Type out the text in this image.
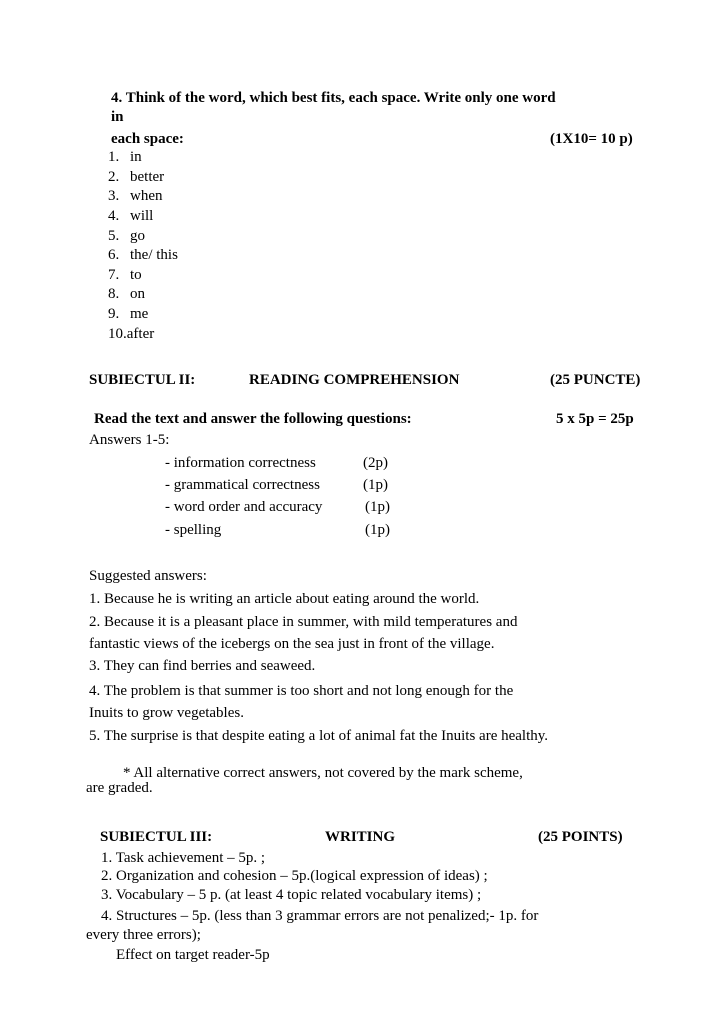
4. Think of the word, which best fits, each space. Write only one word
in
each space:	(1X10= 10 p)
1. in
2. better
3. when
4. will
5. go
6. the/ this
7. to
8. on
9. me
10.after
SUBIECTUL II:	READING COMPREHENSION	(25 PUNCTE)
Read the text and answer the following questions:	5 x 5p = 25p
Answers 1-5:
- information correctness	(2p)
- grammatical correctness	(1p)
- word order and accuracy	(1p)
- spelling	(1p)
Suggested answers:
1. Because he is writing an article about eating around the world.
2. Because it is a pleasant place in summer, with mild temperatures and
fantastic views of the icebergs on the sea just in front of the village.
3. They can find berries and seaweed.
4. The problem is that summer is too short and not long enough for the
Inuits to grow vegetables.
5. The surprise is that despite eating a lot of animal fat the Inuits are healthy.
* All alternative correct answers, not covered by the mark scheme,
are graded.
SUBIECTUL III:	WRITING	(25 POINTS)
1. Task achievement – 5p. ;
2. Organization and cohesion – 5p.(logical expression of ideas) ;
3. Vocabulary – 5 p. (at least 4 topic related vocabulary items) ;
4. Structures – 5p. (less than 3 grammar errors are not penalized;- 1p. for
every three errors);
Effect on target reader-5p
